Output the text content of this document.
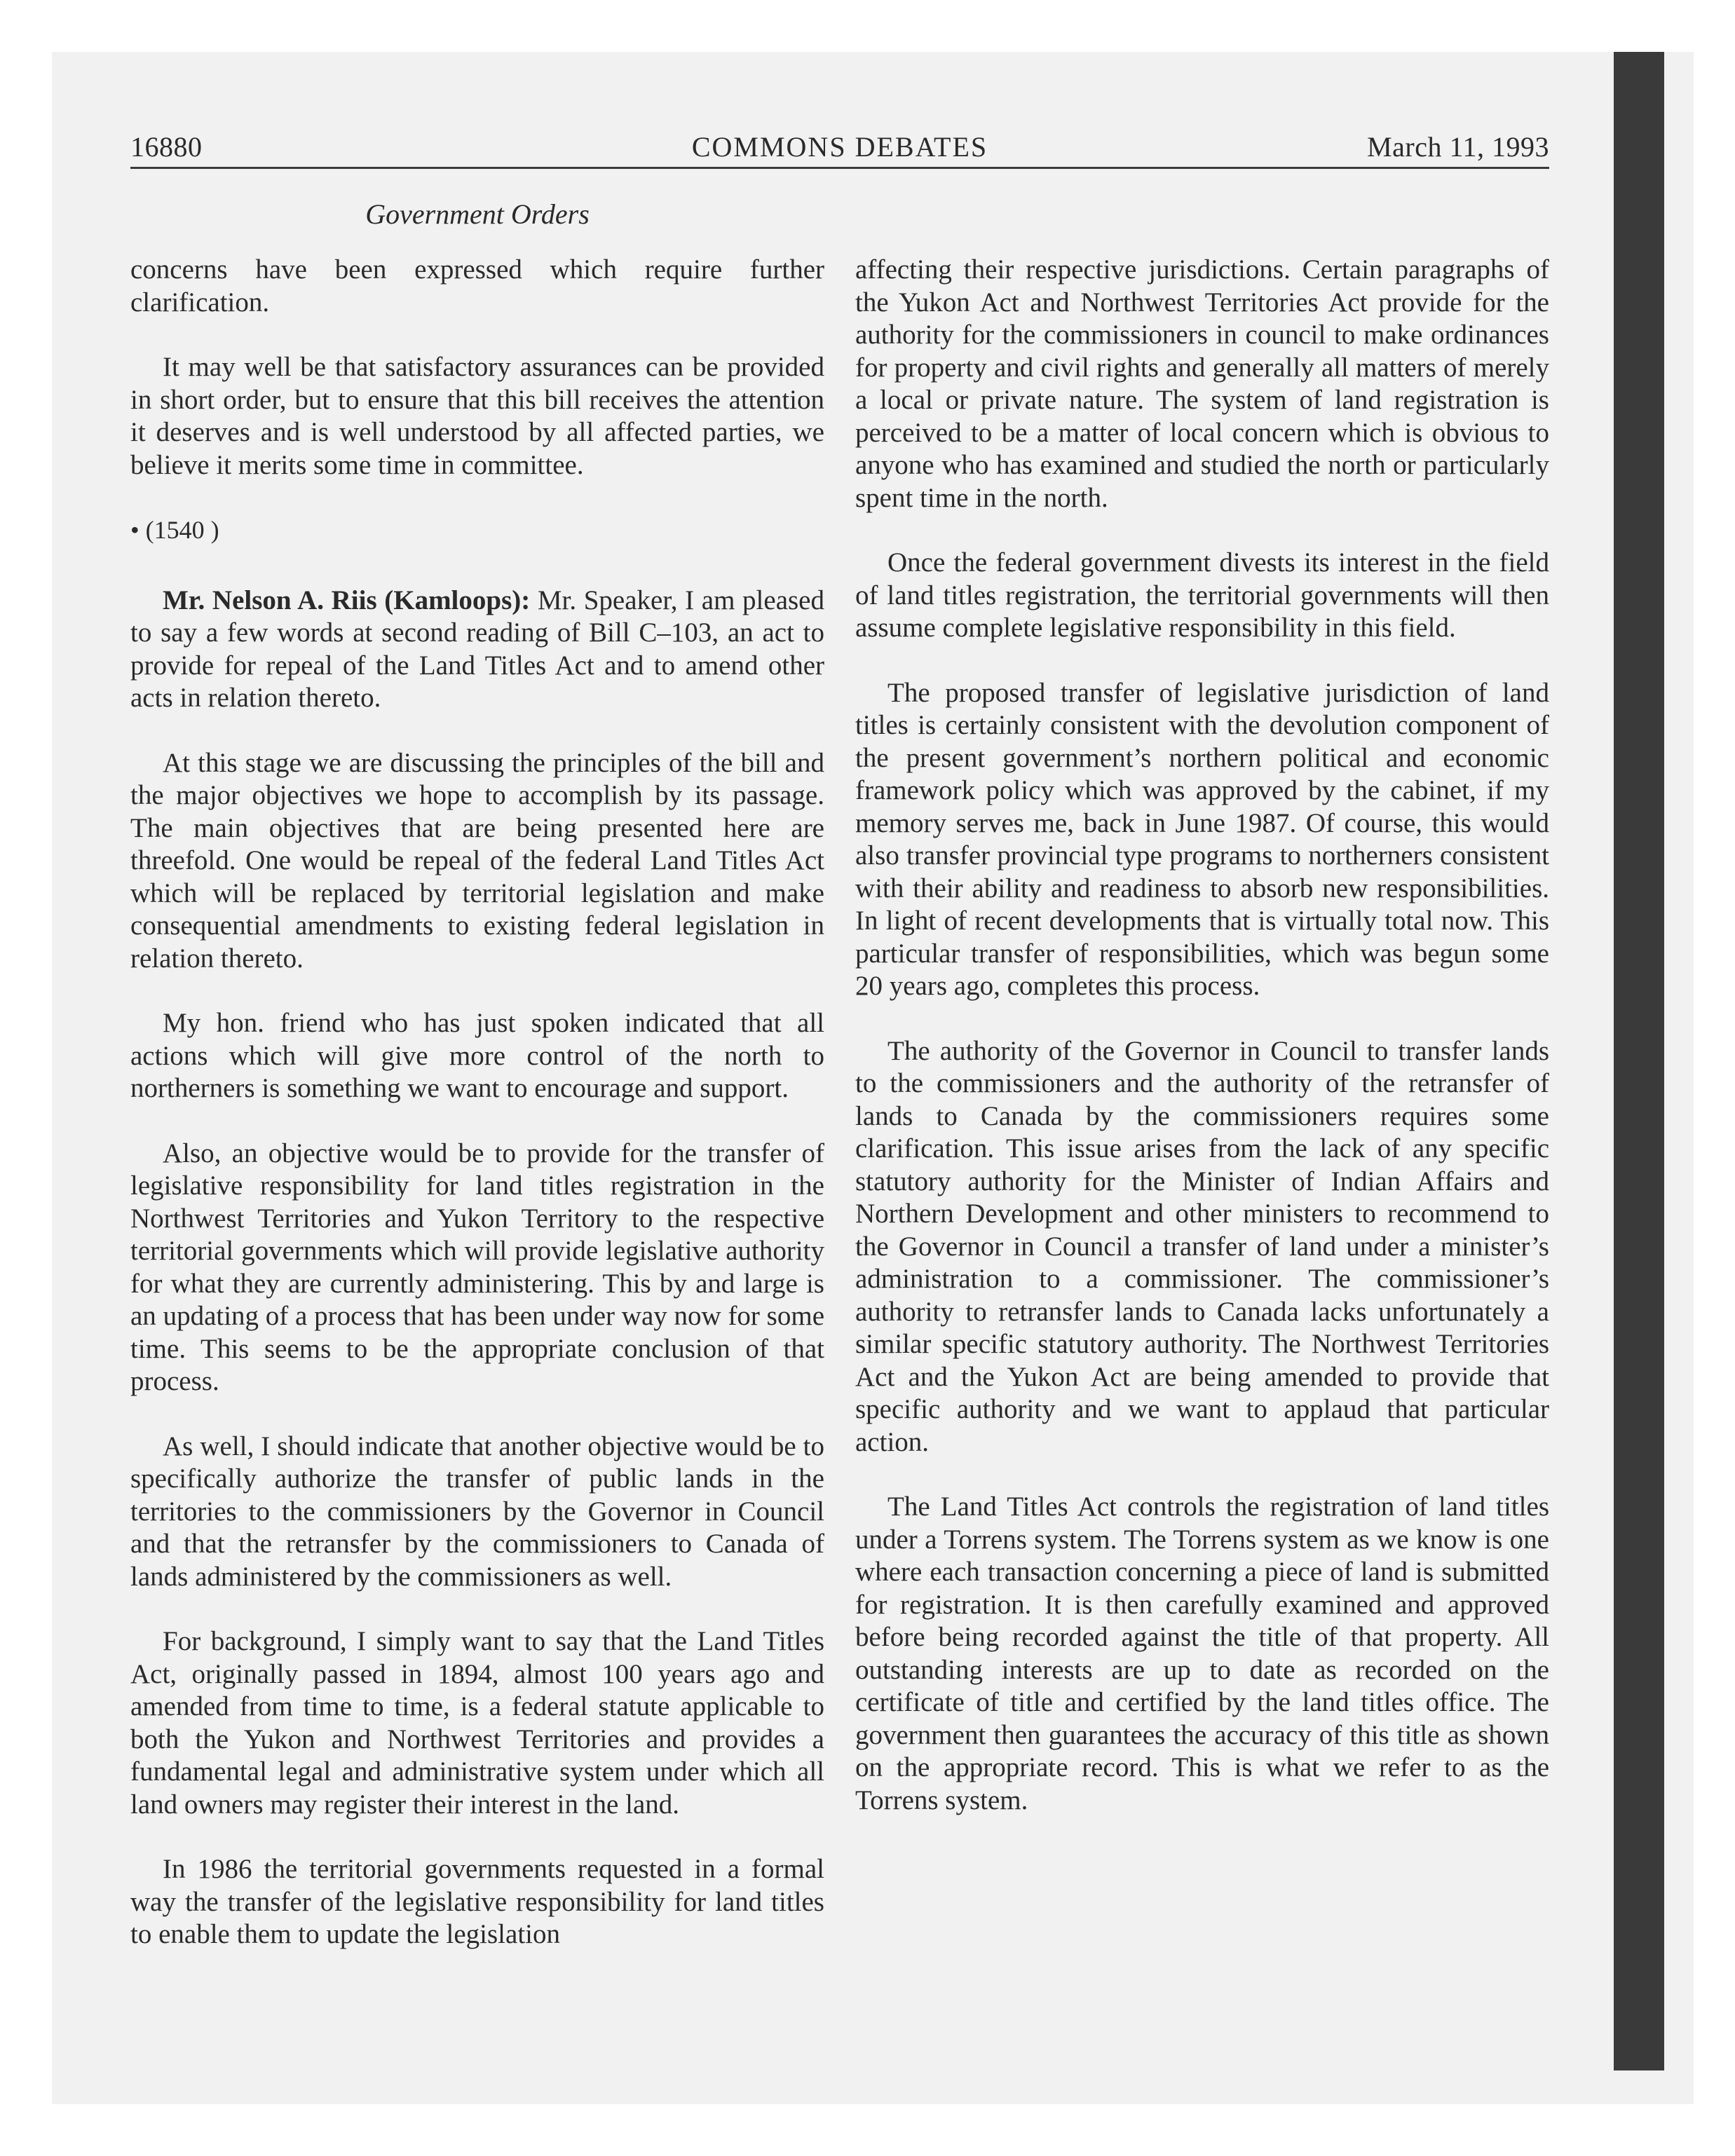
16880	COMMONS DEBATES	March 11, 1993
Government Orders

concerns have been expressed which require further clarification.

It may well be that satisfactory assurances can be provided in short order, but to ensure that this bill receives the attention it deserves and is well understood by all affected parties, we believe it merits some time in committee.

• (1540 )

Mr. Nelson A. Riis (Kamloops): Mr. Speaker, I am pleased to say a few words at second reading of Bill C–103, an act to provide for repeal of the Land Titles Act and to amend other acts in relation thereto.

At this stage we are discussing the principles of the bill and the major objectives we hope to accomplish by its passage. The main objectives that are being presented here are threefold. One would be repeal of the federal Land Titles Act which will be replaced by territorial legislation and make consequential amendments to existing federal legislation in relation thereto.

My hon. friend who has just spoken indicated that all actions which will give more control of the north to northerners is something we want to encourage and support.

Also, an objective would be to provide for the transfer of legislative responsibility for land titles registration in the Northwest Territories and Yukon Territory to the respective territorial governments which will provide legislative authority for what they are currently administering. This by and large is an updating of a process that has been under way now for some time. This seems to be the appropriate conclusion of that process.

As well, I should indicate that another objective would be to specifically authorize the transfer of public lands in the territories to the commissioners by the Governor in Council and that the retransfer by the commissioners to Canada of lands administered by the commissioners as well.

For background, I simply want to say that the Land Titles Act, originally passed in 1894, almost 100 years ago and amended from time to time, is a federal statute applicable to both the Yukon and Northwest Territories and provides a fundamental legal and administrative system under which all land owners may register their interest in the land.

In 1986 the territorial governments requested in a formal way the transfer of the legislative responsibility for land titles to enable them to update the legislation

affecting their respective jurisdictions. Certain paragraphs of the Yukon Act and Northwest Territories Act provide for the authority for the commissioners in council to make ordinances for property and civil rights and generally all matters of merely a local or private nature. The system of land registration is perceived to be a matter of local concern which is obvious to anyone who has examined and studied the north or particularly spent time in the north.

Once the federal government divests its interest in the field of land titles registration, the territorial governments will then assume complete legislative responsibility in this field.

The proposed transfer of legislative jurisdiction of land titles is certainly consistent with the devolution component of the present government’s northern political and economic framework policy which was approved by the cabinet, if my memory serves me, back in June 1987. Of course, this would also transfer provincial type programs to northerners consistent with their ability and readiness to absorb new responsibilities. In light of recent developments that is virtually total now. This particular transfer of responsibilities, which was begun some 20 years ago, completes this process.

The authority of the Governor in Council to transfer lands to the commissioners and the authority of the retransfer of lands to Canada by the commissioners requires some clarification. This issue arises from the lack of any specific statutory authority for the Minister of Indian Affairs and Northern Development and other ministers to recommend to the Governor in Council a transfer of land under a minister’s administration to a commissioner. The commissioner’s authority to retransfer lands to Canada lacks unfortunately a similar specific statutory authority. The Northwest Territories Act and the Yukon Act are being amended to provide that specific authority and we want to applaud that particular action.

The Land Titles Act controls the registration of land titles under a Torrens system. The Torrens system as we know is one where each transaction concerning a piece of land is submitted for registration. It is then carefully examined and approved before being recorded against the title of that property. All outstanding interests are up to date as recorded on the certificate of title and certified by the land titles office. The government then guarantees the accuracy of this title as shown on the appropriate record. This is what we refer to as the Torrens system.
